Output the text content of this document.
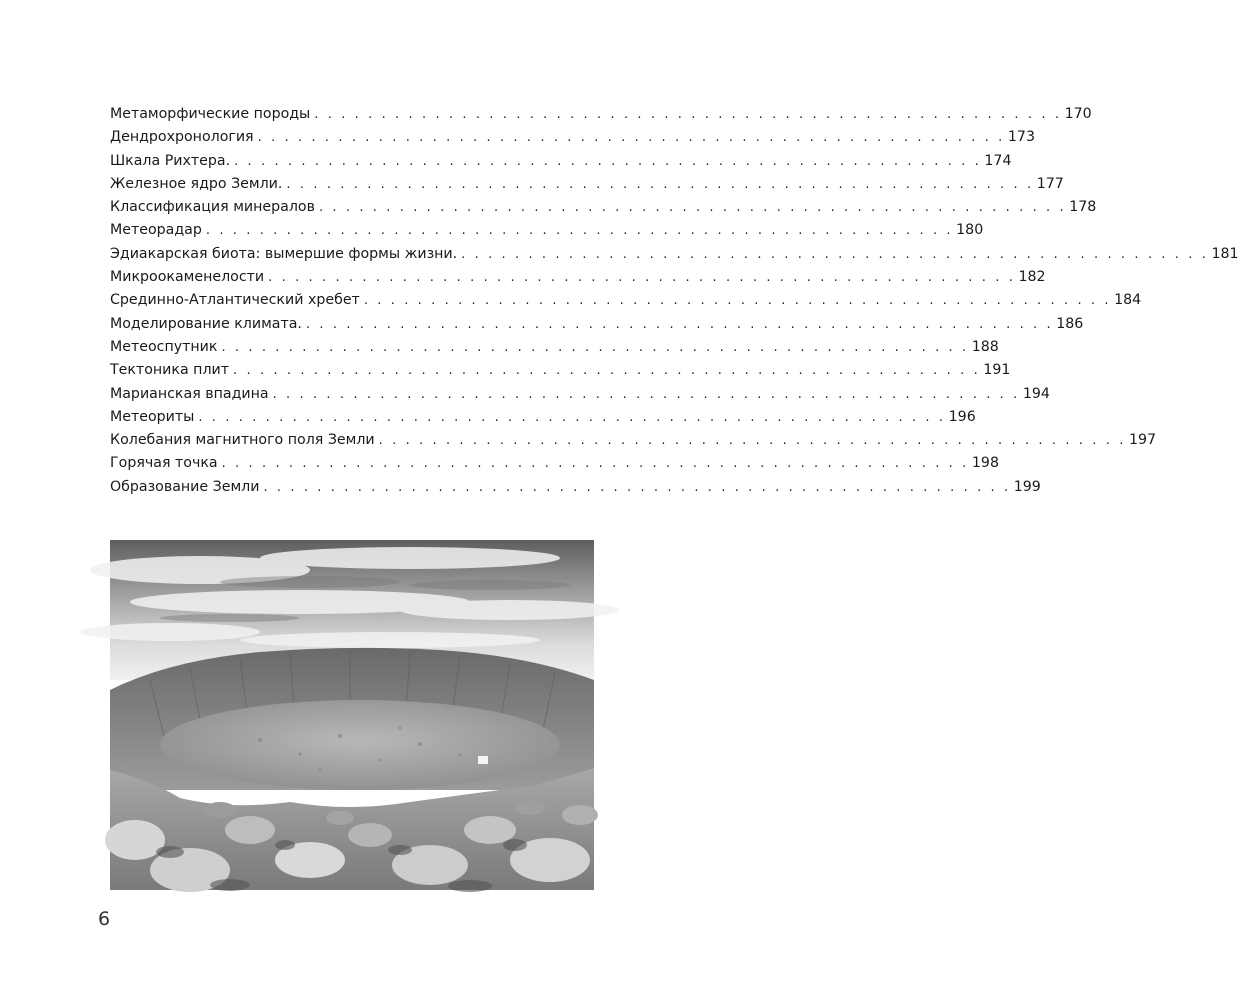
Метаморфические породы . . . . . . . . . . . . . . . . . . . . . . . . . . . . . . . . . . . . . . . . . . . . . . . . . . . . . . . . 170
Дендрохронология . . . . . . . . . . . . . . . . . . . . . . . . . . . . . . . . . . . . . . . . . . . . . . . . . . . . . . . . 173
Шкала Рихтера. . . . . . . . . . . . . . . . . . . . . . . . . . . . . . . . . . . . . . . . . . . . . . . . . . . . . . . . . 174
Железное ядро Земли. . . . . . . . . . . . . . . . . . . . . . . . . . . . . . . . . . . . . . . . . . . . . . . . . . . . . . . . . 177
Классификация минералов . . . . . . . . . . . . . . . . . . . . . . . . . . . . . . . . . . . . . . . . . . . . . . . . . . . . . . . . 178
Метеорадар . . . . . . . . . . . . . . . . . . . . . . . . . . . . . . . . . . . . . . . . . . . . . . . . . . . . . . . . 180
Эдиакарская биота: вымершие формы жизни. . . . . . . . . . . . . . . . . . . . . . . . . . . . . . . . . . . . . . . . . . . . . . . . . . . . . . . . . 181
Микроокаменелости . . . . . . . . . . . . . . . . . . . . . . . . . . . . . . . . . . . . . . . . . . . . . . . . . . . . . . . . 182
Срединно-Атлантический хребет . . . . . . . . . . . . . . . . . . . . . . . . . . . . . . . . . . . . . . . . . . . . . . . . . . . . . . . . 184
Моделирование климата. . . . . . . . . . . . . . . . . . . . . . . . . . . . . . . . . . . . . . . . . . . . . . . . . . . . . . . . . 186
Метеоспутник . . . . . . . . . . . . . . . . . . . . . . . . . . . . . . . . . . . . . . . . . . . . . . . . . . . . . . . . 188
Тектоника плит . . . . . . . . . . . . . . . . . . . . . . . . . . . . . . . . . . . . . . . . . . . . . . . . . . . . . . . . 191
Марианская впадина . . . . . . . . . . . . . . . . . . . . . . . . . . . . . . . . . . . . . . . . . . . . . . . . . . . . . . . . 194
Метеориты . . . . . . . . . . . . . . . . . . . . . . . . . . . . . . . . . . . . . . . . . . . . . . . . . . . . . . . . 196
Колебания магнитного поля Земли . . . . . . . . . . . . . . . . . . . . . . . . . . . . . . . . . . . . . . . . . . . . . . . . . . . . . . . . 197
Горячая точка . . . . . . . . . . . . . . . . . . . . . . . . . . . . . . . . . . . . . . . . . . . . . . . . . . . . . . . . 198
Образование Земли . . . . . . . . . . . . . . . . . . . . . . . . . . . . . . . . . . . . . . . . . . . . . . . . . . . . . . . . 199
6
